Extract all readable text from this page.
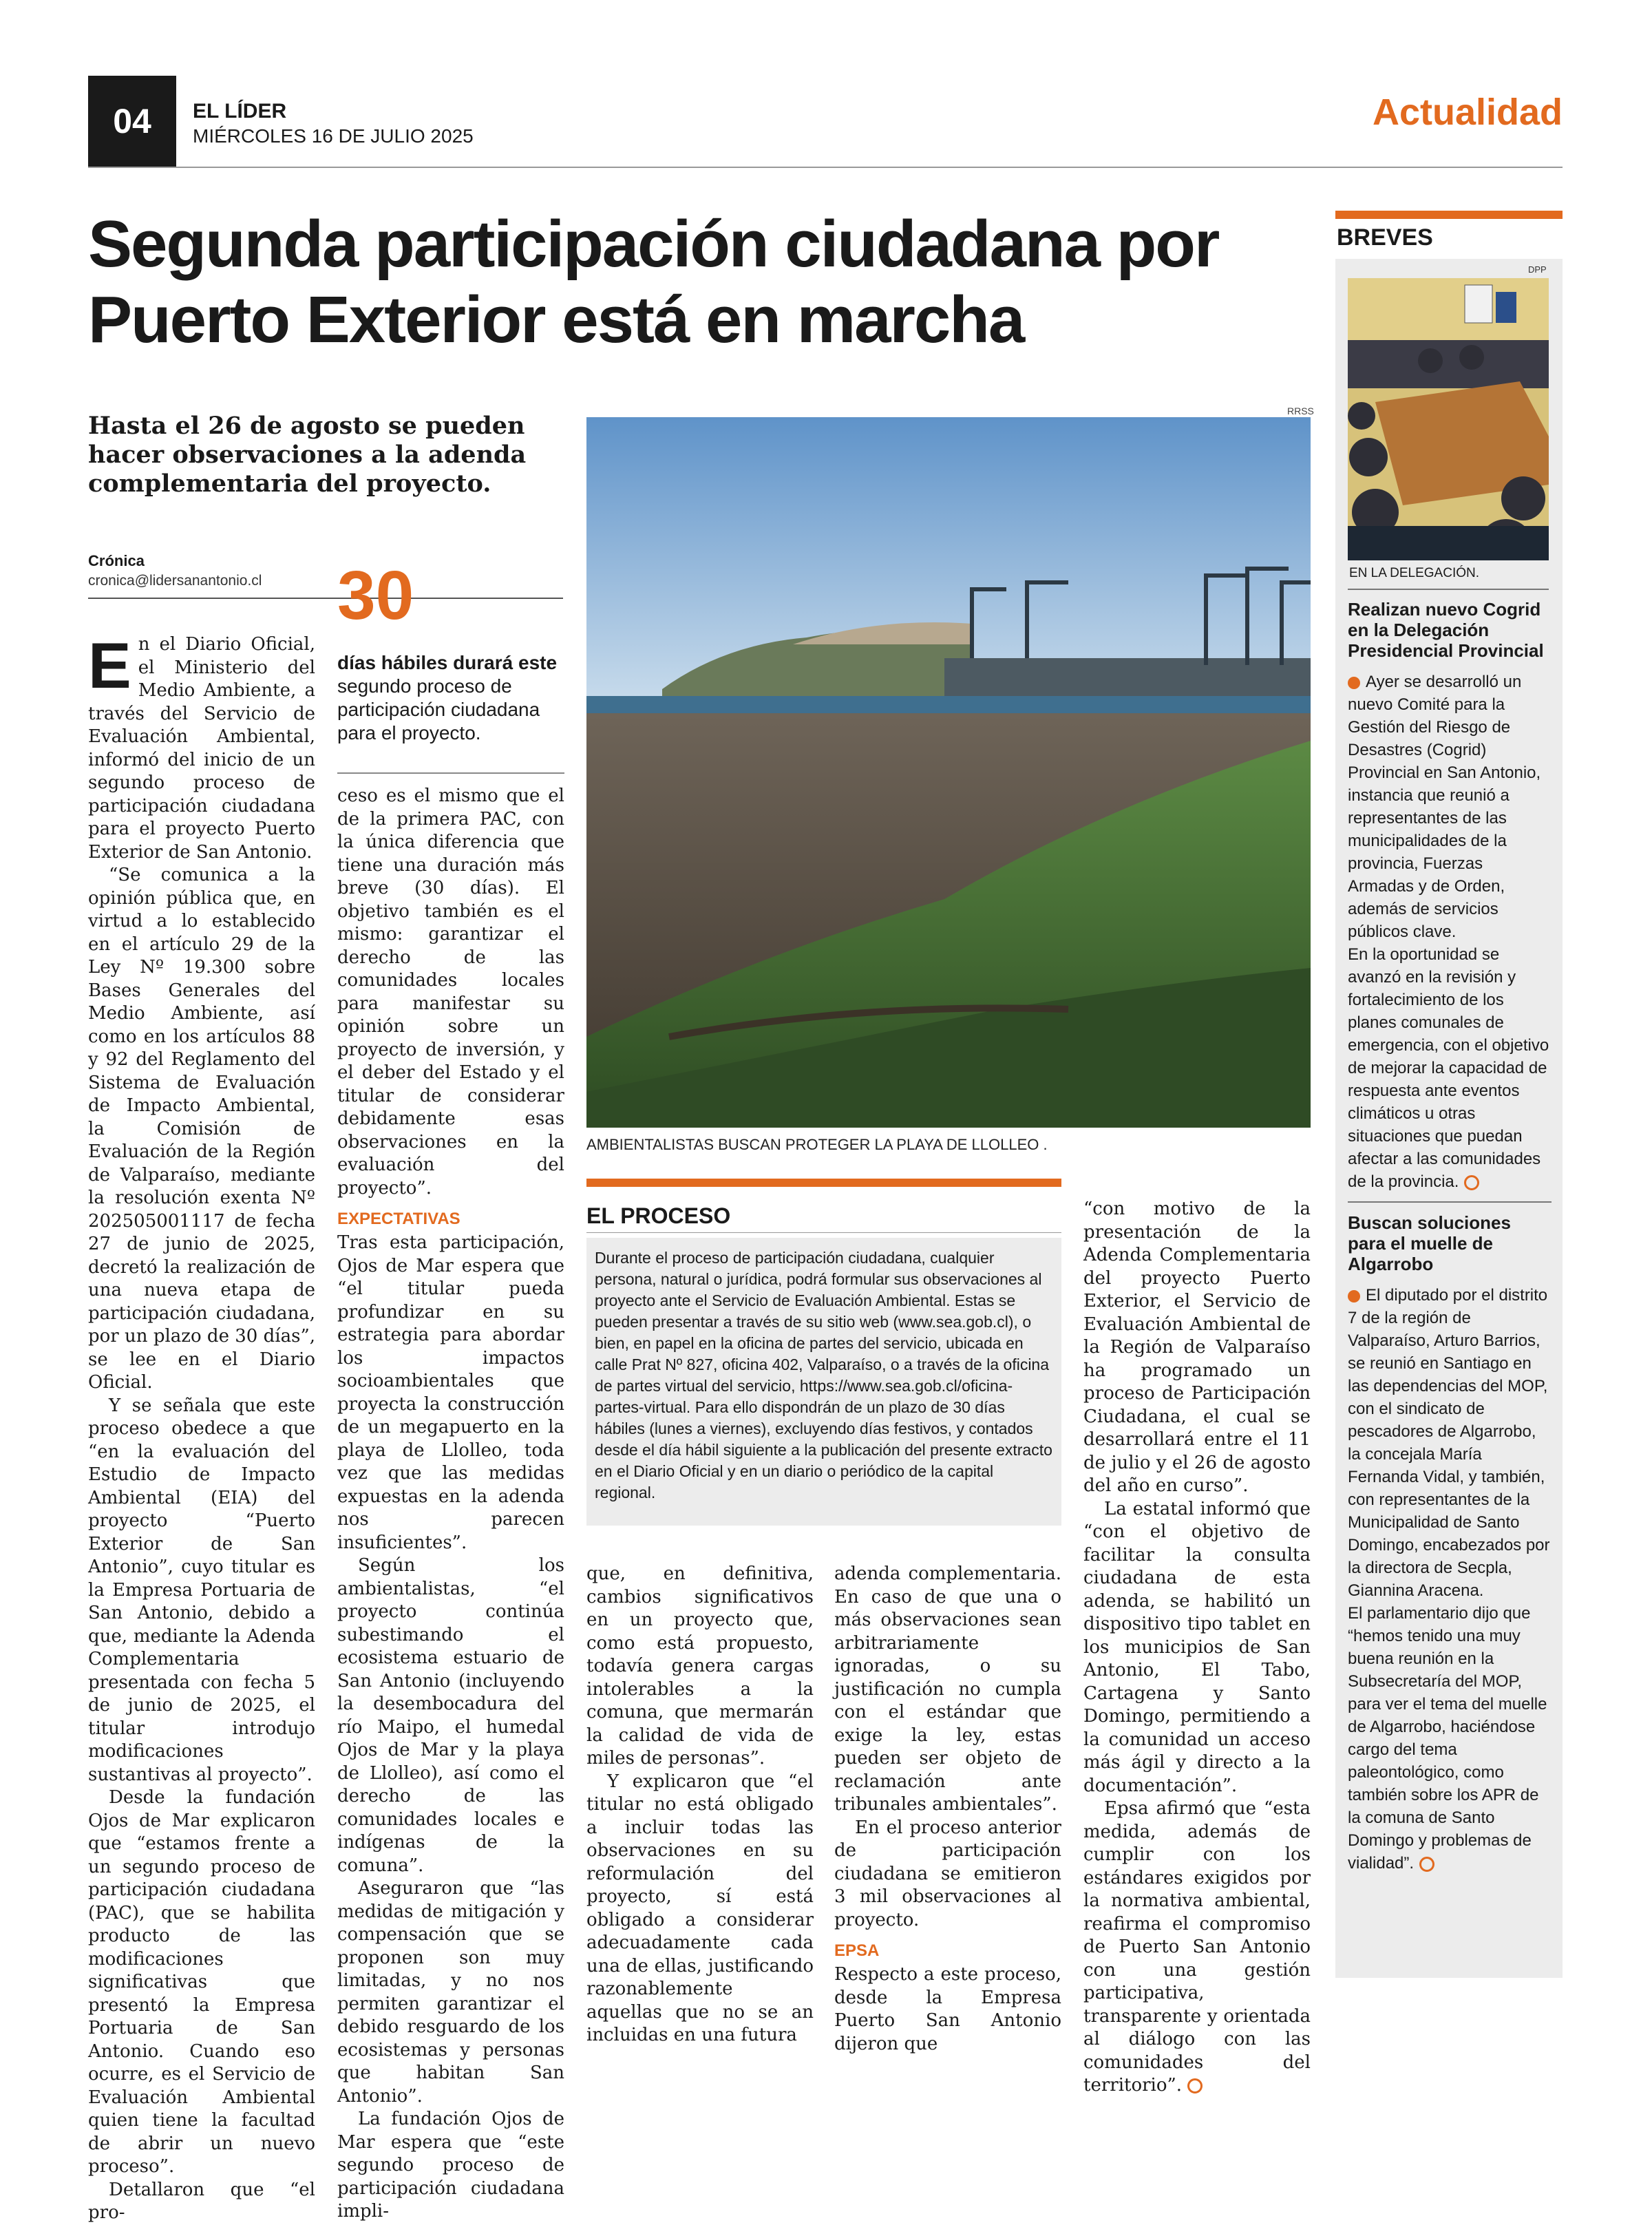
04	EL LÍDER
MIÉRCOLES 16 DE JULIO 2025
Actualidad
Segunda participación ciudadana por Puerto Exterior está en marcha
Hasta el 26 de agosto se pueden hacer observaciones a la adenda complementaria del proyecto.
Crónica
cronica@lidersanantonio.cl 30
días hábiles durará este
segundo proceso de participación ciudadana para el proyecto.

En el Diario Oficial, el Ministerio del Medio Ambiente, a través del Servicio de Evaluación Ambiental, informó del inicio de un segundo proceso de participación ciudadana para el proyecto Puerto Exterior de San Antonio.

“Se comunica a la opinión pública que, en virtud a lo establecido en el artículo 29 de la Ley Nº 19.300 sobre Bases Generales del Medio Ambiente, así como en los artículos 88 y 92 del Reglamento del Sistema de Evaluación de Impacto Ambiental, la Comisión de Evaluación de la Región de Valparaíso, mediante la resolución exenta Nº 202505001117 de fecha 27 de junio de 2025, decretó la realización de una nueva etapa de participación ciudadana, por un plazo de 30 días”, se lee en el Diario Oficial.

Y se señala que este proceso obedece a que “en la evaluación del Estudio de Impacto Ambiental (EIA) del proyecto “Puerto Exterior de San Antonio”, cuyo titular es la Empresa Portuaria de San Antonio, debido a que, mediante la Adenda Complementaria presentada con fecha 5 de junio de 2025, el titular introdujo modificaciones sustantivas al proyecto”.

Desde la fundación Ojos de Mar explicaron que “estamos frente a un segundo proceso de participación ciudadana (PAC), que se habilita producto de las modificaciones significativas que presentó la Empresa Portuaria de San Antonio. Cuando eso ocurre, es el Servicio de Evaluación Ambiental quien tiene la facultad de abrir un nuevo proceso”.

Detallaron que “el pro-

ceso es el mismo que el de la primera PAC, con la única diferencia que tiene una duración más breve (30 días). El objetivo también es el mismo: garantizar el derecho de las comunidades locales para manifestar su opinión sobre un proyecto de inversión, y el deber del Estado y el titular de considerar debidamente esas observaciones en la evaluación del proyecto”.

EXPECTATIVAS

Tras esta participación, Ojos de Mar espera que “el titular pueda profundizar en su estrategia para abordar los impactos socioambientales que proyecta la construcción de un megapuerto en la playa de Llolleo, toda vez que las medidas expuestas en la adenda nos parecen insuficientes”.

Según los ambientalistas, “el proyecto continúa subestimando el ecosistema estuario de San Antonio (incluyendo la desembocadura del río Maipo, el humedal Ojos de Mar y la playa de Llolleo), así como el derecho de las comunidades locales e indígenas de la comuna”.

Aseguraron que “las medidas de mitigación y compensación que se proponen son muy limitadas, y no nos permiten garantizar el debido resguardo de los ecosistemas y personas que habitan San Antonio”.

La fundación Ojos de Mar espera que “este segundo proceso de participación ciudadana impli-

RRSS
AMBIENTALISTAS BUSCAN PROTEGER LA PLAYA DE LLOLLEO .
EL PROCESO
Durante el proceso de participación ciudadana, cualquier persona, natural o jurídica, podrá formular sus observaciones al proyecto ante el Servicio de Evaluación Ambiental. Estas se pueden presentar a través de su sitio web (www.sea.gob.cl), o bien, en papel en la oficina de partes del servicio, ubicada en calle Prat Nº 827, oficina 402, Valparaíso, o a través de la oficina de partes virtual del servicio, https://www.sea.gob.cl/oficina-partes-virtual. Para ello dispondrán de un plazo de 30 días hábiles (lunes a viernes), excluyendo días festivos, y contados desde el día hábil siguiente a la publicación del presente extracto en el Diario Oficial y en un diario o periódico de la capital regional.

que, en definitiva, cambios significativos en un proyecto que, como está propuesto, todavía genera cargas intolerables a la comuna, que mermarán la calidad de vida de miles de personas”.

Y explicaron que “el titular no está obligado a incluir todas las observaciones en su reformulación del proyecto, sí está obligado a considerar adecuadamente cada una de ellas, justificando razonablemente aquellas que no se an incluidas en una futura

adenda complementaria. En caso de que una o más observaciones sean arbitrariamente ignoradas, o su justificación no cumpla con el estándar que exige la ley, estas pueden ser objeto de reclamación ante tribunales ambientales”.

En el proceso anterior de participación ciudadana se emitieron 3 mil observaciones al proyecto.

EPSA

Respecto a este proceso, desde la Empresa Puerto San Antonio dijeron que

“con motivo de la presentación de la Adenda Complementaria del proyecto Puerto Exterior, el Servicio de Evaluación Ambiental de la Región de Valparaíso ha programado un proceso de Participación Ciudadana, el cual se desarrollará entre el 11 de julio y el 26 de agosto del año en curso”.

La estatal informó que “con el objetivo de facilitar la consulta ciudadana de esta adenda, se habilitó un dispositivo tipo tablet en los municipios de San Antonio, El Tabo, Cartagena y Santo Domingo, permitiendo a la comunidad un acceso más ágil y directo a la documentación”.

Epsa afirmó que “esta medida, además de cumplir con los estándares exigidos por la normativa ambiental, reafirma el compromiso de Puerto San Antonio con una gestión participativa, transparente y orientada al diálogo con las comunidades del territorio”.

BREVES
DPP
EN LA DELEGACIÓN.
Realizan nuevo Cogrid en la Delegación Presidencial Provincial
Ayer se desarrolló un nuevo Comité para la Gestión del Riesgo de Desastres (Cogrid) Provincial en San Antonio, instancia que reunió a representantes de las municipalidades de la provincia, Fuerzas Armadas y de Orden, además de servicios públicos clave.
En la oportunidad se avanzó en la revisión y fortalecimiento de los planes comunales de emergencia, con el objetivo de mejorar la capacidad de respuesta ante eventos climáticos u otras situaciones que puedan afectar a las comunidades de la provincia.
Buscan soluciones para el muelle de Algarrobo
El diputado por el distrito 7 de la región de Valparaíso, Arturo Barrios, se reunió en Santiago en las dependencias del MOP, con el sindicato de pescadores de Algarrobo, la concejala María Fernanda Vidal, y también, con representantes de la Municipalidad de Santo Domingo, encabezados por la directora de Secpla, Giannina Aracena.
El parlamentario dijo que “hemos tenido una muy buena reunión en la Subsecretaría del MOP, para ver el tema del muelle de Algarrobo, haciéndose cargo del tema paleontológico, como también sobre los APR de la comuna de Santo Domingo y problemas de vialidad”.
